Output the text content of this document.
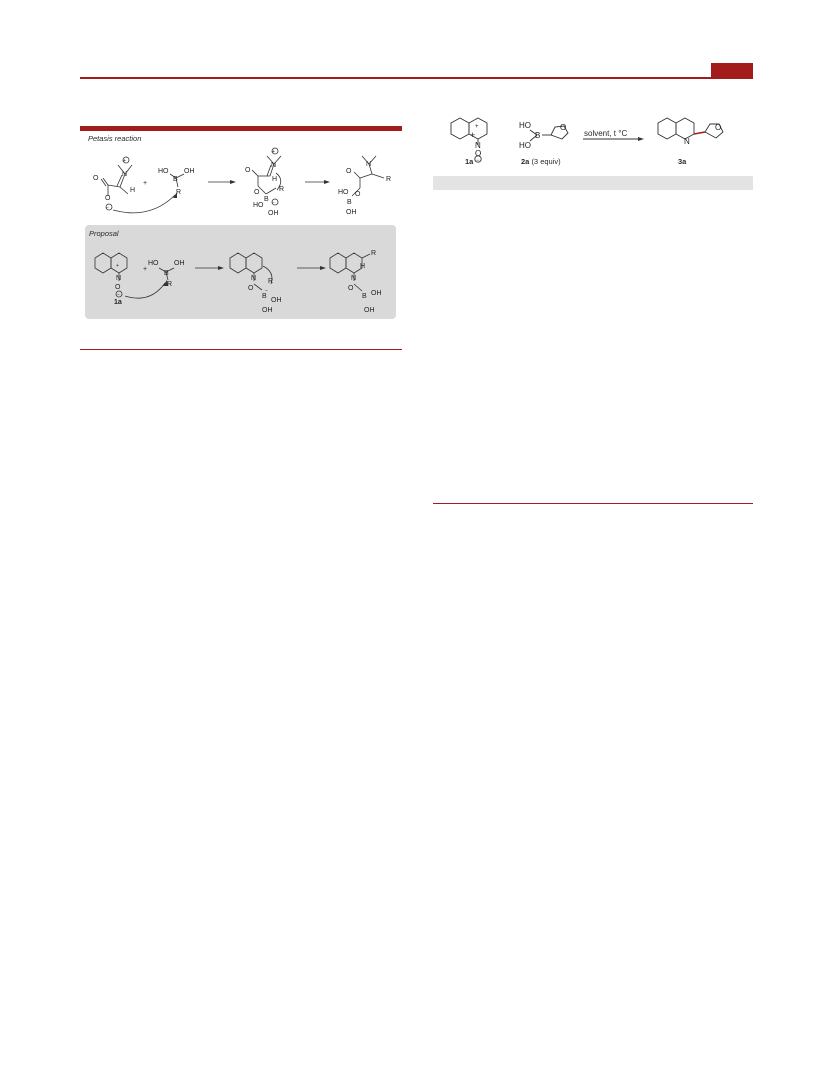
Petasis reaction
+
N
H
O
O
−
+
HO
B
OH
R
+
N
H
O
O
B
R
HO
OH
−
N
R
O
O
B
HO
OH
Proposal
+
N
O
−
+
HO
B
OH
R
N
O
B
R
OH
OH
−
R
H
N
O
B OH
OH
1a
+
N
O
−
HO
B
HO
O
N
O
+	solvent, t °C
1a	2a (3 equiv)	3a
